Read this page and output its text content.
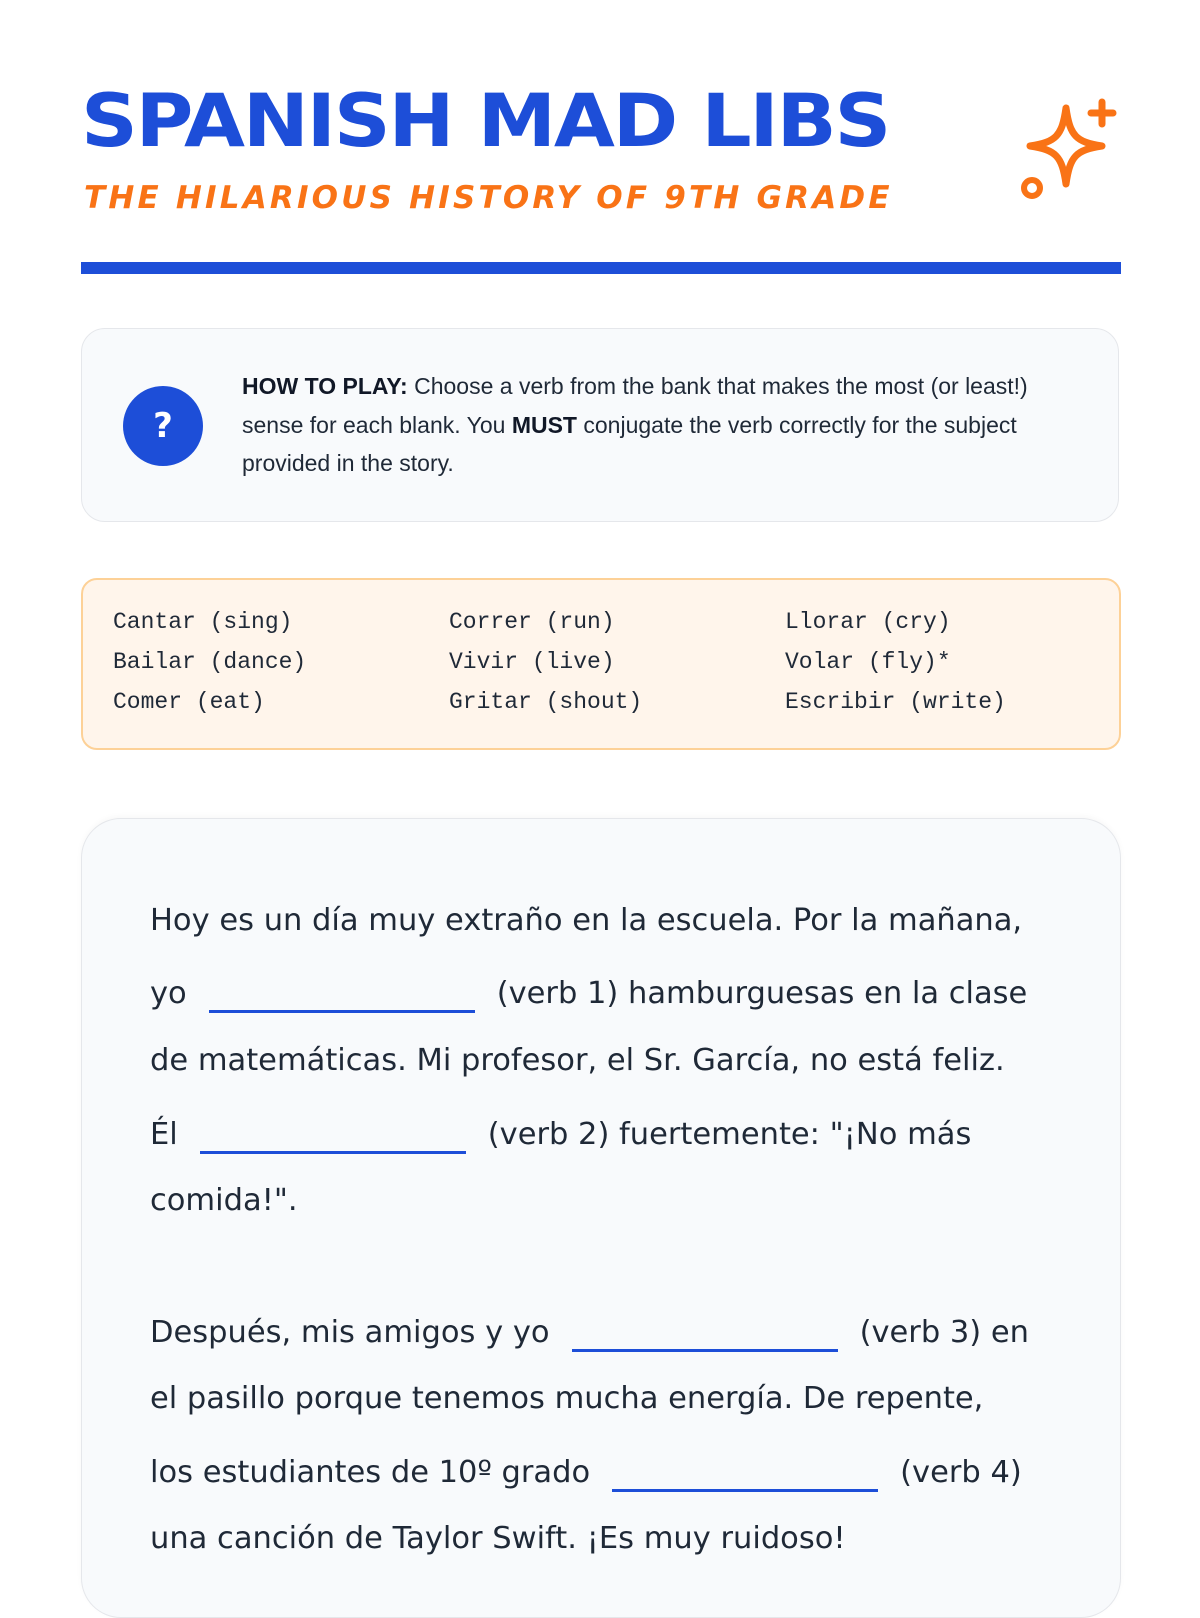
SPANISH MAD LIBS
THE HILARIOUS HISTORY OF 9TH GRADE
?

HOW TO PLAY: Choose a verb from the bank that makes the most (or least!) sense for each blank. You MUST conjugate the verb correctly for the subject provided in the story.

Cantar (sing)	Correr (run)	Llorar (cry)
Bailar (dance)	Vivir (live)	Volar (fly)*
Comer (eat)	Gritar (shout)	Escribir (write)
Hoy es un día muy extraño en la escuela. Por la mañana,
yo	(verb 1) hamburguesas en la clase
de matemáticas. Mi profesor, el Sr. García, no está feliz.
Él	(verb 2) fuertemente: "¡No más
comida!".
Después, mis amigos y yo	(verb 3) en
el pasillo porque tenemos mucha energía. De repente,
los estudiantes de 10º grado	(verb 4)
una canción de Taylor Swift. ¡Es muy ruidoso!
